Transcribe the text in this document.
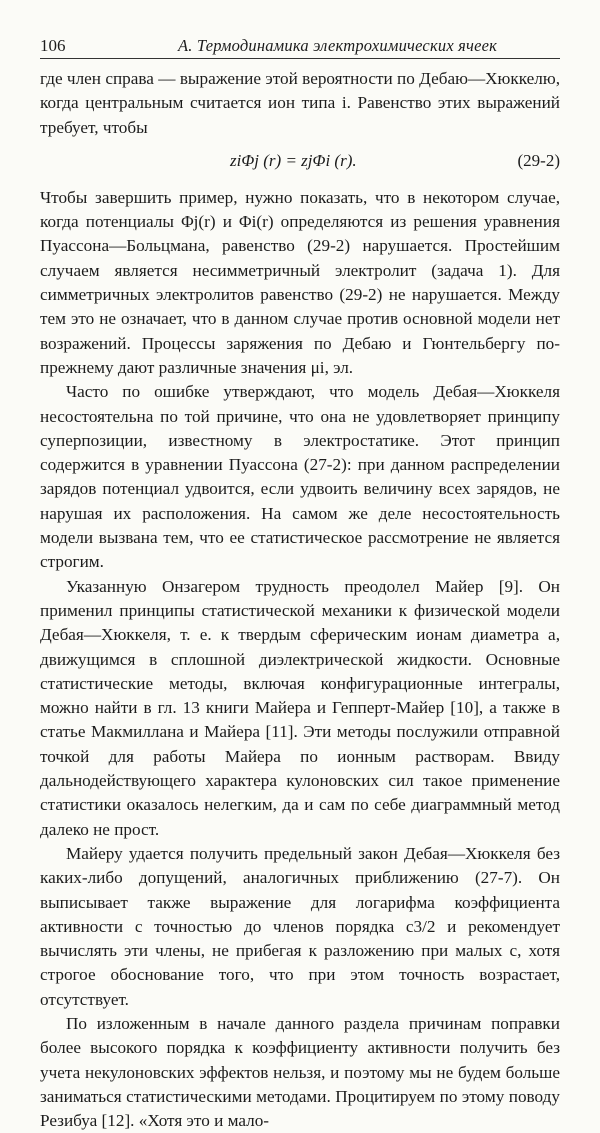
106	А. Термодинамика электрохимических ячеек

где член справа — выражение этой вероятности по Дебаю—Хюккелю, когда центральным считается ион типа i. Равенство этих выражений требует, чтобы

ziΦj (r) = zjΦi (r).	(29-2)

Чтобы завершить пример, нужно показать, что в некотором случае, когда потенциалы Φj(r) и Φi(r) определяются из решения уравнения Пуассона—Больцмана, равенство (29-2) нарушается. Простейшим случаем является несимметричный электролит (задача 1). Для симметричных электролитов равенство (29-2) не нарушается. Между тем это не означает, что в данном случае против основной модели нет возражений. Процессы заряжения по Дебаю и Гюнтельбергу по-прежнему дают различные значения μi, эл.

Часто по ошибке утверждают, что модель Дебая—Хюккеля несостоятельна по той причине, что она не удовлетворяет принципу суперпозиции, известному в электростатике. Этот принцип содержится в уравнении Пуассона (27-2): при данном распределении зарядов потенциал удвоится, если удвоить величину всех зарядов, не нарушая их расположения. На самом же деле несостоятельность модели вызвана тем, что ее статистическое рассмотрение не является строгим.

Указанную Онзагером трудность преодолел Майер [9]. Он применил принципы статистической механики к физической модели Дебая—Хюккеля, т. е. к твердым сферическим ионам диаметра a, движущимся в сплошной диэлектрической жидкости. Основные статистические методы, включая конфигурационные интегралы, можно найти в гл. 13 книги Майера и Гепперт-Майер [10], а также в статье Макмиллана и Майера [11]. Эти методы послужили отправной точкой для работы Майера по ионным растворам. Ввиду дальнодействующего характера кулоновских сил такое применение статистики оказалось нелегким, да и сам по себе диаграммный метод далеко не прост.

Майеру удается получить предельный закон Дебая—Хюккеля без каких-либо допущений, аналогичных приближению (27-7). Он выписывает также выражение для логарифма коэффициента активности с точностью до членов порядка c3/2 и рекомендует вычислять эти члены, не прибегая к разложению при малых c, хотя строгое обоснование того, что при этом точность возрастает, отсутствует.

По изложенным в начале данного раздела причинам поправки более высокого порядка к коэффициенту активности получить без учета некулоновских эффектов нельзя, и поэтому мы не будем больше заниматься статистическими методами. Процитируем по этому поводу Резибуа [12]. «Хотя это и мало-
